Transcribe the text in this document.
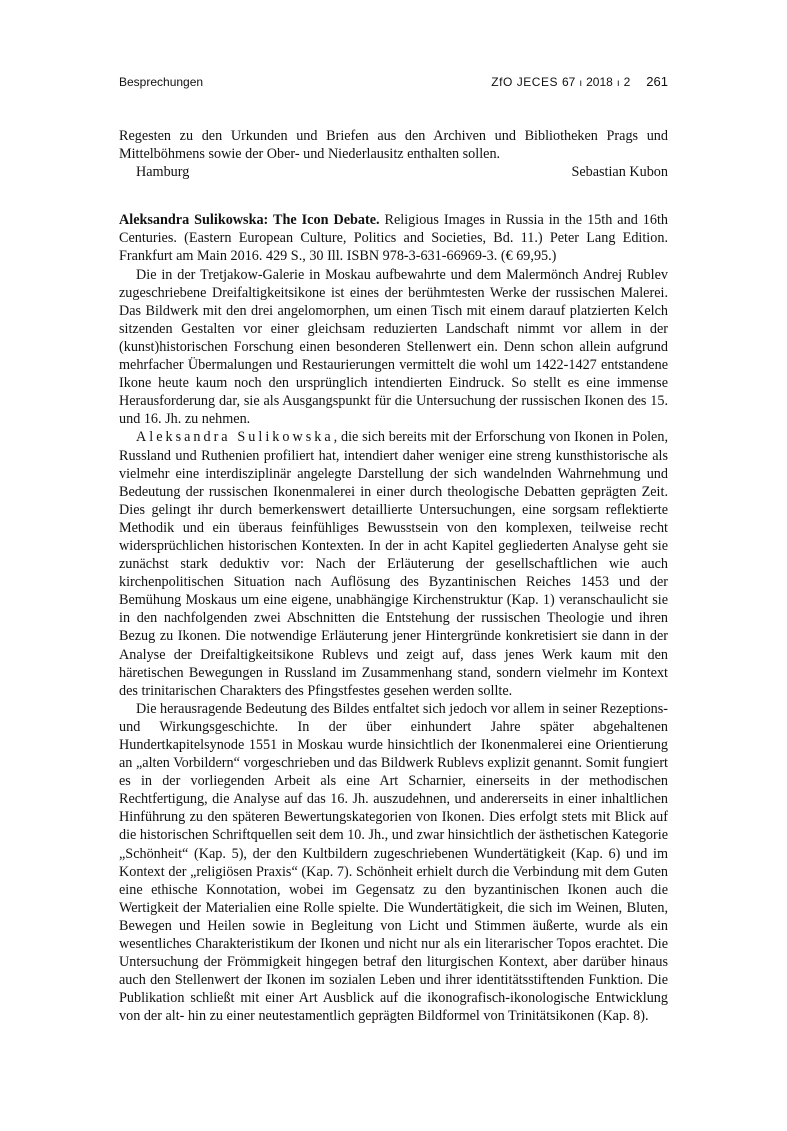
Besprechungen	ZfO JECES 67 ı 2018 ı 2 261

Regesten zu den Urkunden und Briefen aus den Archiven und Bibliotheken Prags und Mittelböhmens sowie der Ober- und Niederlausitz enthalten sollen.

Hamburg	Sebastian Kubon

Aleksandra Sulikowska: The Icon Debate. Religious Images in Russia in the 15th and 16th Centuries. (Eastern European Culture, Politics and Societies, Bd. 11.) Peter Lang Edition. Frankfurt am Main 2016. 429 S., 30 Ill. ISBN 978-3-631-66969-3. (€ 69,95.)

Die in der Tretjakow-Galerie in Moskau aufbewahrte und dem Malermönch Andrej Rublev zugeschriebene Dreifaltigkeitsikone ist eines der berühmtesten Werke der russischen Malerei. Das Bildwerk mit den drei angelomorphen, um einen Tisch mit einem darauf platzierten Kelch sitzenden Gestalten vor einer gleichsam reduzierten Landschaft nimmt vor allem in der (kunst)historischen Forschung einen besonderen Stellenwert ein. Denn schon allein aufgrund mehrfacher Übermalungen und Restaurierungen vermittelt die wohl um 1422-1427 entstandene Ikone heute kaum noch den ursprünglich intendierten Eindruck. So stellt es eine immense Herausforderung dar, sie als Ausgangspunkt für die Untersuchung der russischen Ikonen des 15. und 16. Jh. zu nehmen.

Aleksandra Sulikowska, die sich bereits mit der Erforschung von Ikonen in Polen, Russland und Ruthenien profiliert hat, intendiert daher weniger eine streng kunsthistorische als vielmehr eine interdisziplinär angelegte Darstellung der sich wandelnden Wahrnehmung und Bedeutung der russischen Ikonenmalerei in einer durch theologische Debatten geprägten Zeit. Dies gelingt ihr durch bemerkenswert detaillierte Untersuchungen, eine sorgsam reflektierte Methodik und ein überaus feinfühliges Bewusstsein von den komplexen, teilweise recht widersprüchlichen historischen Kontexten. In der in acht Kapitel gegliederten Analyse geht sie zunächst stark deduktiv vor: Nach der Erläuterung der gesellschaftlichen wie auch kirchenpolitischen Situation nach Auflösung des Byzantinischen Reiches 1453 und der Bemühung Moskaus um eine eigene, unabhängige Kirchenstruktur (Kap. 1) veranschaulicht sie in den nachfolgenden zwei Abschnitten die Entstehung der russischen Theologie und ihren Bezug zu Ikonen. Die notwendige Erläuterung jener Hintergründe konkretisiert sie dann in der Analyse der Dreifaltigkeitsikone Rublevs und zeigt auf, dass jenes Werk kaum mit den häretischen Bewegungen in Russland im Zusammenhang stand, sondern vielmehr im Kontext des trinitarischen Charakters des Pfingstfestes gesehen werden sollte.

Die herausragende Bedeutung des Bildes entfaltet sich jedoch vor allem in seiner Rezeptions- und Wirkungsgeschichte. In der über einhundert Jahre später abgehaltenen Hundertkapitelsynode 1551 in Moskau wurde hinsichtlich der Ikonenmalerei eine Orientierung an „alten Vorbildern“ vorgeschrieben und das Bildwerk Rublevs explizit genannt. Somit fungiert es in der vorliegenden Arbeit als eine Art Scharnier, einerseits in der methodischen Rechtfertigung, die Analyse auf das 16. Jh. auszudehnen, und andererseits in einer inhaltlichen Hinführung zu den späteren Bewertungskategorien von Ikonen. Dies erfolgt stets mit Blick auf die historischen Schriftquellen seit dem 10. Jh., und zwar hinsichtlich der ästhetischen Kategorie „Schönheit“ (Kap. 5), der den Kultbildern zugeschriebenen Wundertätigkeit (Kap. 6) und im Kontext der „religiösen Praxis“ (Kap. 7). Schönheit erhielt durch die Verbindung mit dem Guten eine ethische Konnotation, wobei im Gegensatz zu den byzantinischen Ikonen auch die Wertigkeit der Materialien eine Rolle spielte. Die Wundertätigkeit, die sich im Weinen, Bluten, Bewegen und Heilen sowie in Begleitung von Licht und Stimmen äußerte, wurde als ein wesentliches Charakteristikum der Ikonen und nicht nur als ein literarischer Topos erachtet. Die Untersuchung der Frömmigkeit hingegen betraf den liturgischen Kontext, aber darüber hinaus auch den Stellenwert der Ikonen im sozialen Leben und ihrer identitätsstiftenden Funktion. Die Publikation schließt mit einer Art Ausblick auf die ikonografisch-ikonologische Entwicklung von der alt- hin zu einer neutestamentlich geprägten Bildformel von Trinitätsikonen (Kap. 8).
